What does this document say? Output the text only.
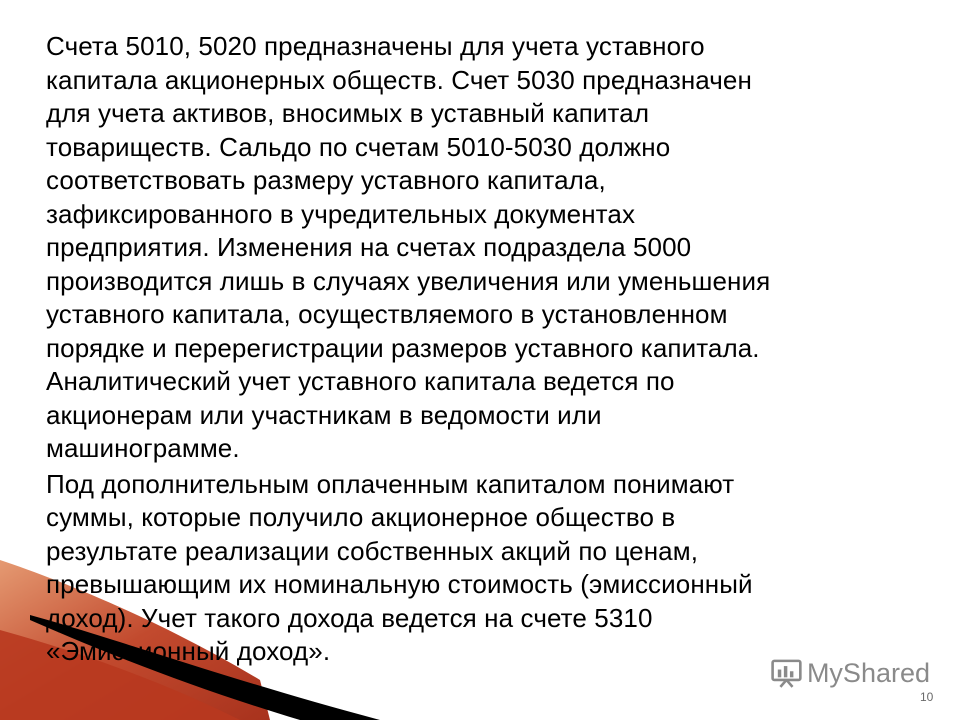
Счета 5010, 5020 предназначены для учета уставного
капитала акционерных обществ. Счет 5030 предназначен
для учета активов, вносимых в уставный капитал
товариществ. Сальдо по счетам 5010-5030 должно
соответствовать размеру уставного капитала,
зафиксированного в учредительных документах
предприятия. Изменения на счетах подраздела 5000
производится лишь в случаях увеличения или уменьшения
уставного капитала, осуществляемого в установленном
порядке и перерегистрации размеров уставного капитала.
Аналитический учет уставного капитала ведется по
акционерам или участникам в ведомости или
машинограмме.

Под дополнительным оплаченным капиталом понимают
суммы, которые получило акционерное общество в
результате реализации собственных акций по ценам,
превышающим их номинальную стоимость (эмиссионный
доход). Учет такого дохода ведется на счете 5310
«Эмиссионный доход».

MyShared
10
